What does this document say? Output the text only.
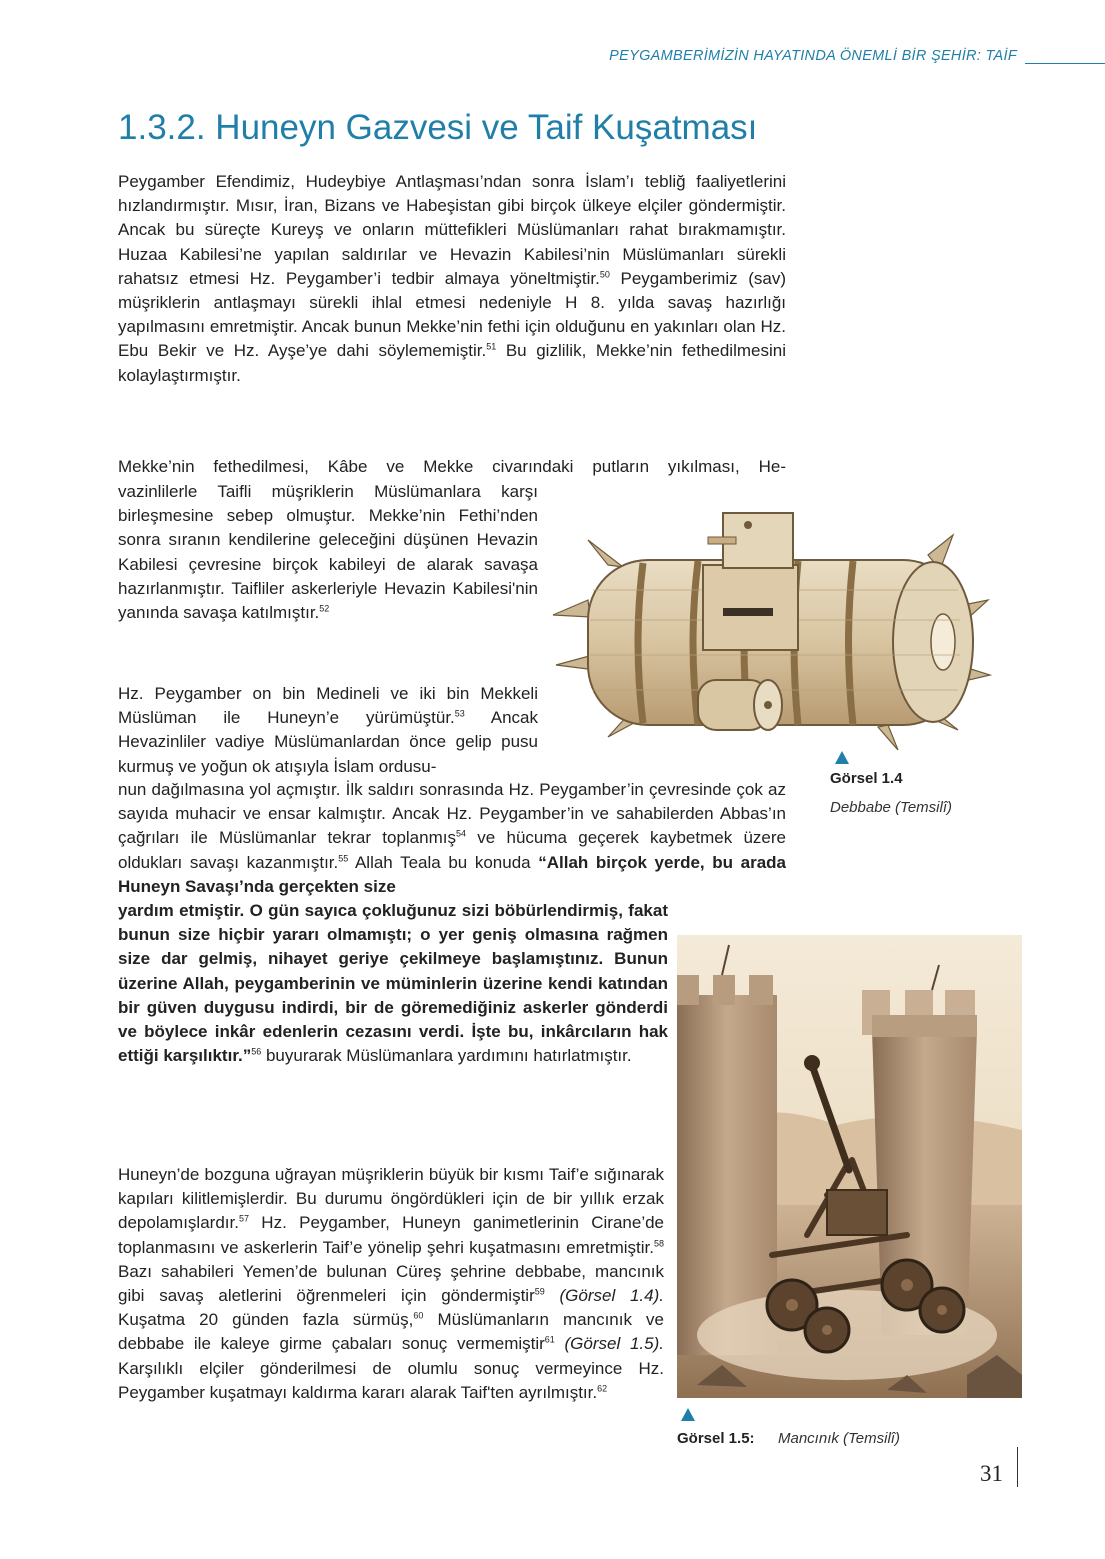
PEYGAMBERİMİZİN HAYATINDA ÖNEMLİ BİR ŞEHİR: TAİF
1.3.2. Huneyn Gazvesi ve Taif Kuşatması

Peygamber Efendimiz, Hudeybiye Antlaşması’ndan sonra İslam’ı tebliğ faaliyetlerini hızlandırmıştır. Mısır, İran, Bizans ve Habeşistan gibi birçok ülkeye elçiler göndermiştir. Ancak bu süreçte Kureyş ve onların müttefikleri Müslümanları rahat bırakmamıştır. Huzaa Kabilesi’ne yapılan saldırılar ve Hevazin Kabilesi’nin Müslümanları sürekli rahatsız etmesi Hz. Peygamber’i tedbir almaya yöneltmiştir.$^{50}$ Peygamberimiz (sav) müşriklerin antlaşmayı sürekli ihlal etmesi nedeniyle H 8. yılda savaş hazırlığı yapılmasını emretmiştir. Ancak bunun Mekke’nin fethi için olduğunu en yakınları olan Hz. Ebu Bekir ve Hz. Ayşe’ye dahi söylememiştir.$^{51}$ Bu gizlilik, Mekke’nin fethedilmesini kolaylaştırmıştır.

Mekke’nin fethedilmesi, Kâbe ve Mekke civarındaki putların yıkılması, He-

vazinlilerle Taifli müşriklerin Müslümanlara karşı birleşmesine sebep olmuştur. Mekke’nin Fethi’nden sonra sıranın kendilerine geleceğini düşünen Hevazin Kabilesi çevresine birçok kabileyi de alarak savaşa hazırlanmıştır. Taifliler askerleriyle Hevazin Kabilesi'nin yanında savaşa katılmıştır.$^{52}$

Hz. Peygamber on bin Medineli ve iki bin Mekkeli Müslüman ile Huneyn’e yürümüştür.$^{53}$ Ancak Hevazinliler vadiye Müslümanlardan önce gelip pusu kurmuş ve yoğun ok atışıyla İslam ordusu-

nun dağılmasına yol açmıştır. İlk saldırı sonrasında Hz. Peygamber’in çevresinde çok az sayıda muhacir ve ensar kalmıştır. Ancak Hz. Peygamber’in ve sahabilerden Abbas’ın çağrıları ile Müslümanlar tekrar toplanmış$^{54}$ ve hücuma geçerek kaybetmek üzere oldukları savaşı kazanmıştır.$^{55}$ Allah Teala bu konuda “Allah birçok yerde, bu arada Huneyn Savaşı’nda gerçekten size

yardım etmiştir. O gün sayıca çokluğunuz sizi böbürlendirmiş, fakat bunun size hiçbir yararı olmamıştı; o yer geniş olmasına rağmen size dar gelmiş, nihayet geriye çekilmeye başlamıştınız. Bunun üzerine Allah, peygamberinin ve müminlerin üzerine kendi katından bir güven duygusu indirdi, bir de göremediğiniz askerler gönderdi ve böylece inkâr edenlerin cezasını verdi. İşte bu, inkârcıların hak ettiği karşılıktır.”$^{56}$ buyurarak Müslümanlara yardımını hatırlatmıştır.

Huneyn’de bozguna uğrayan müşriklerin büyük bir kısmı Taif’e sığınarak kapıları kilitlemişlerdir. Bu durumu öngördükleri için de bir yıllık erzak depolamışlardır.$^{57}$ Hz. Peygamber, Huneyn ganimetlerinin Cirane’de toplanmasını ve askerlerin Taif’e yönelip şehri kuşatmasını emretmiştir.$^{58}$ Bazı sahabileri Yemen’de bulunan Cüreş şehrine debbabe, mancınık gibi savaş aletlerini öğrenmeleri için göndermiştir$^{59}$ (Görsel 1.4). Kuşatma 20 günden fazla sürmüş,$^{60}$ Müslümanların mancınık ve debbabe ile kaleye girme çabaları sonuç vermemiştir$^{61}$ (Görsel 1.5). Karşılıklı elçiler gönderilmesi de olumlu sonuç vermeyince Hz. Peygamber kuşatmayı kaldırma kararı alarak Taif'ten ayrılmıştır.$^{62}$

Görsel 1.4
Debbabe (Temsilî)
Görsel 1.5: Mancınık (Temsilî)
31
